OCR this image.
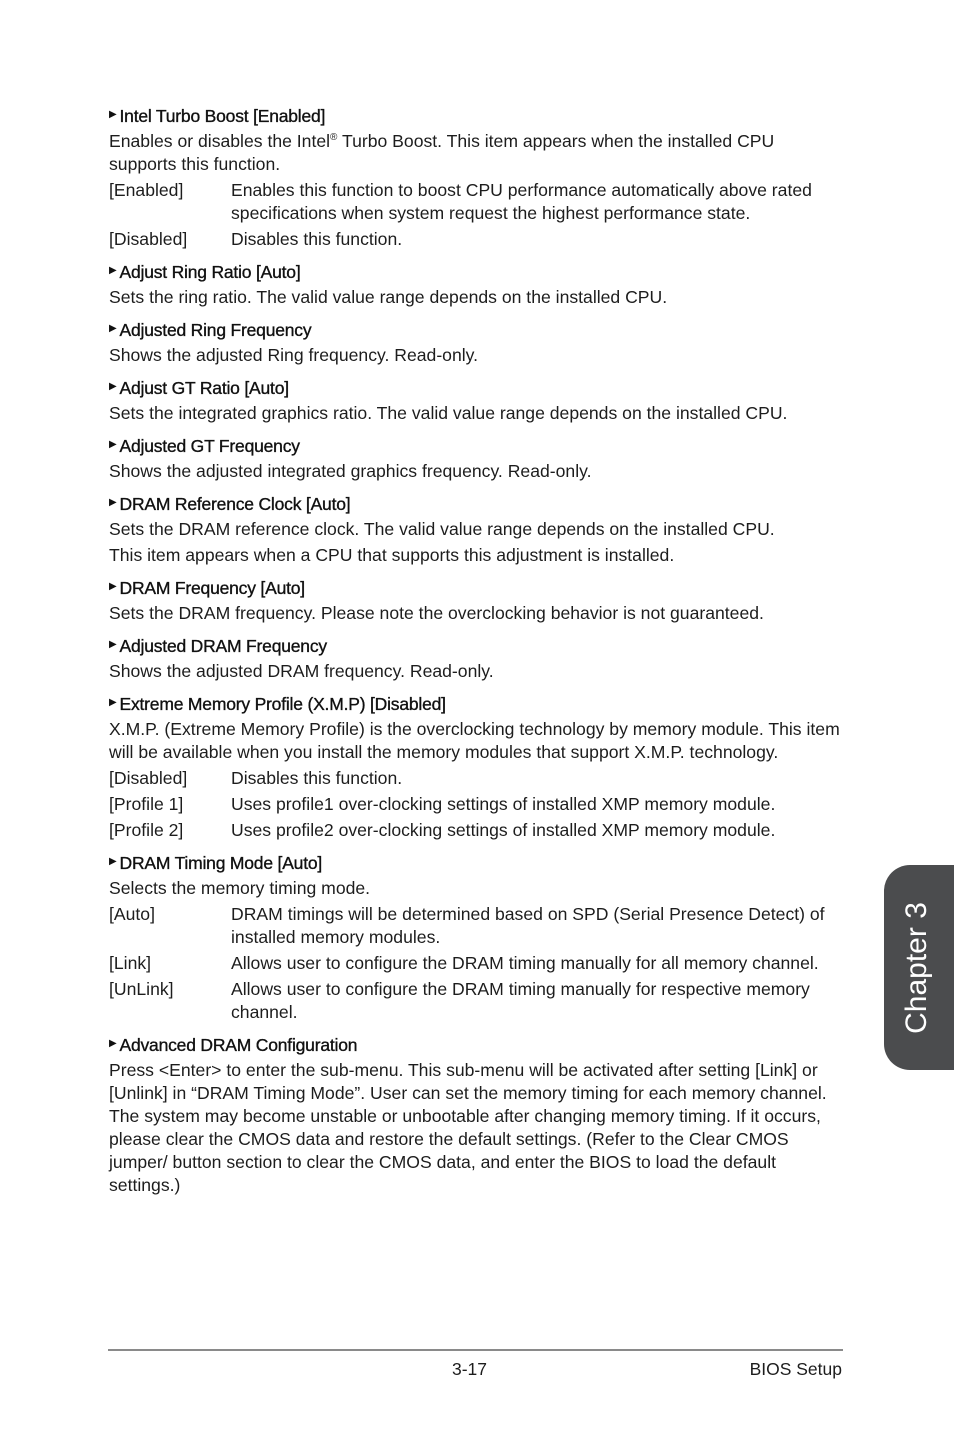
▶ Intel Turbo Boost [Enabled]
Enables or disables the Intel® Turbo Boost. This item appears when the installed CPU supports this function.
[Enabled]	Enables this function to boost CPU performance automatically above rated specifications when system request the highest performance state.
[Disabled]	Disables this function.
▶ Adjust Ring Ratio [Auto]
Sets the ring ratio. The valid value range depends on the installed CPU.
▶ Adjusted Ring Frequency
Shows the adjusted Ring frequency. Read-only.
▶ Adjust GT Ratio [Auto]
Sets the integrated graphics ratio. The valid value range depends on the installed CPU.
▶ Adjusted GT Frequency
Shows the adjusted integrated graphics frequency. Read-only.
▶ DRAM Reference Clock [Auto]
Sets the DRAM reference clock. The valid value range depends on the installed CPU.
This item appears when a CPU that supports this adjustment is installed.
▶ DRAM Frequency [Auto]
Sets the DRAM frequency. Please note the overclocking behavior is not guaranteed.
▶ Adjusted DRAM Frequency
Shows the adjusted DRAM frequency. Read-only.
▶ Extreme Memory Profile (X.M.P) [Disabled]
X.M.P. (Extreme Memory Profile) is the overclocking technology by memory module. This item will be available when you install the memory modules that support X.M.P. technology.
[Disabled]	Disables this function.
[Profile 1]	Uses profile1 over-clocking settings of installed XMP memory module.
[Profile 2]	Uses profile2 over-clocking settings of installed XMP memory module.
▶ DRAM Timing Mode [Auto]
Selects the memory timing mode.
[Auto]	DRAM timings will be determined based on SPD (Serial Presence Detect) of installed memory modules.
[Link]	Allows user to configure the DRAM timing manually for all memory channel.
[UnLink]	Allows user to configure the DRAM timing manually for respective memory channel.
▶ Advanced DRAM Configuration
Press <Enter> to enter the sub-menu. This sub-menu will be activated after setting [Link] or [Unlink] in “DRAM Timing Mode”. User can set the memory timing for each memory channel. The system may become unstable or unbootable after changing memory timing. If it occurs, please clear the CMOS data and restore the default settings. (Refer to the Clear CMOS jumper/ button section to clear the CMOS data, and enter the BIOS to load the default settings.)
3-17	BIOS Setup
Chapter 3
